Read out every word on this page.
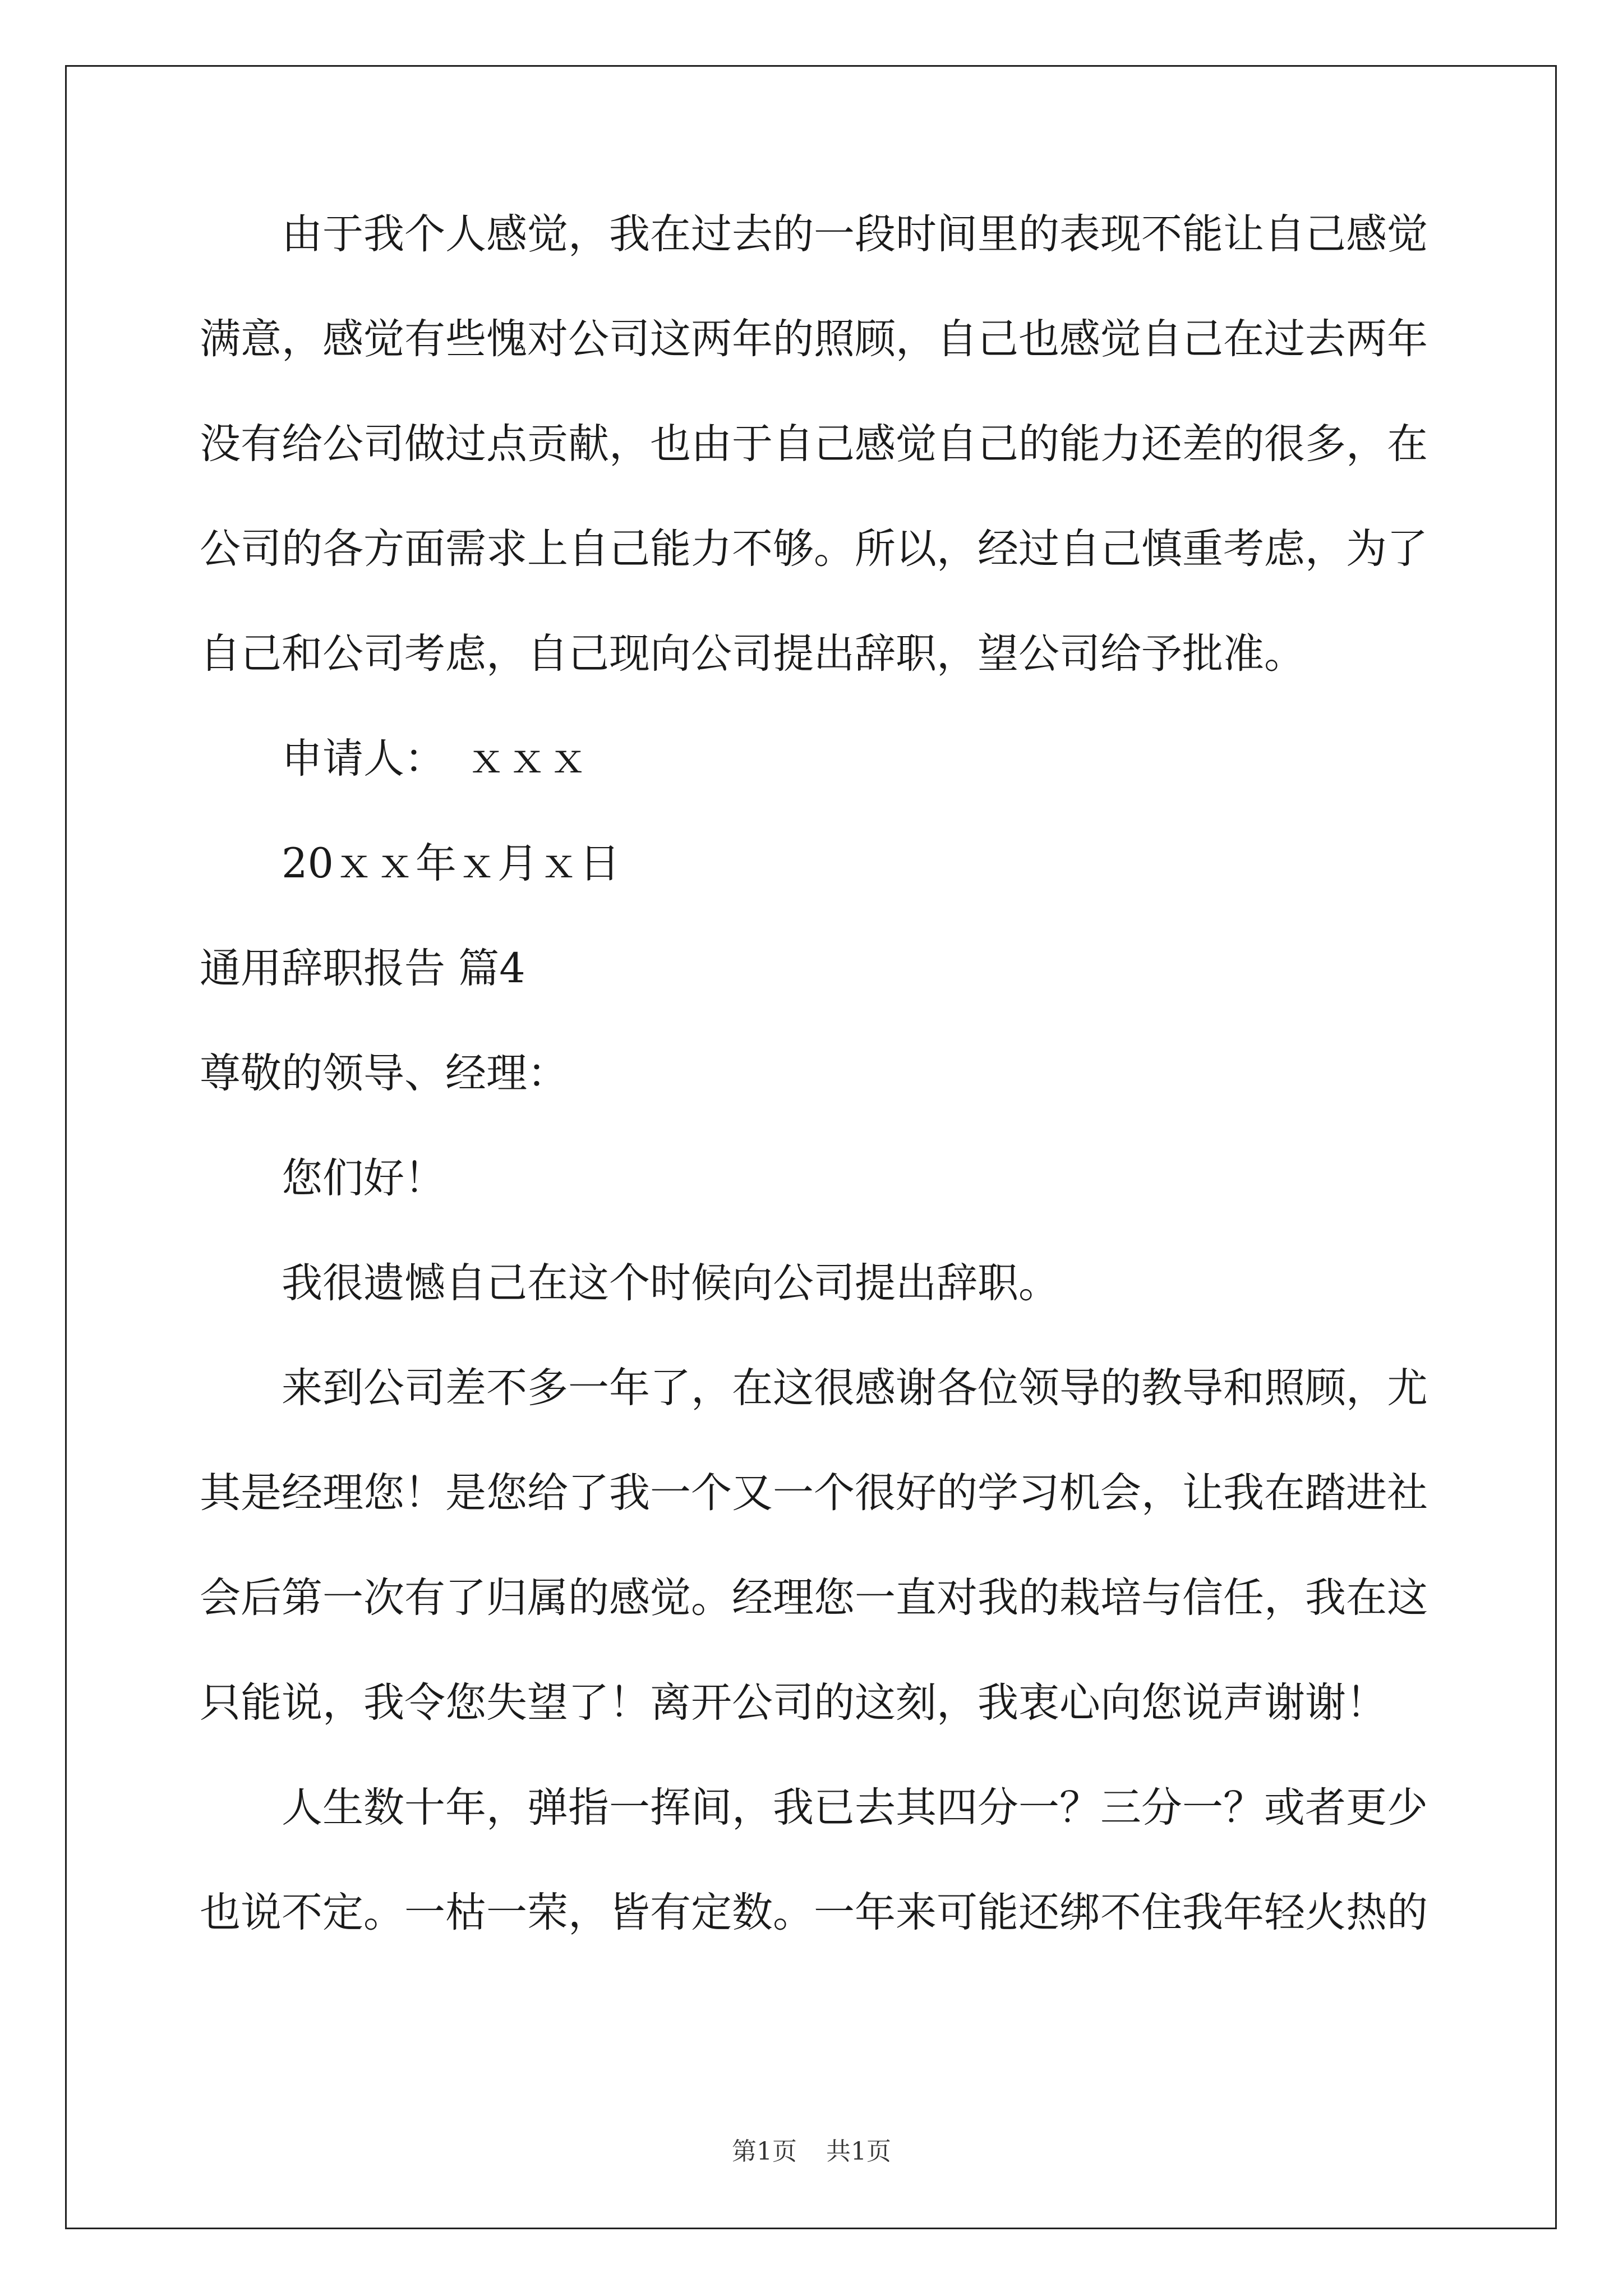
由于我个人感觉，我在过去的一段时间里的表现不能让自己感觉
满意，感觉有些愧对公司这两年的照顾，自己也感觉自己在过去两年
没有给公司做过点贡献，也由于自己感觉自己的能力还差的很多，在
公司的各方面需求上自己能力不够。所以，经过自己慎重考虑，为了
自己和公司考虑，自己现向公司提出辞职，望公司给予批准。
申请人：　ｘｘｘ
20ｘｘ年ｘ月ｘ日
通用辞职报告 篇4
尊敬的领导、经理：
您们好！
我很遗憾自己在这个时候向公司提出辞职。
来到公司差不多一年了，在这很感谢各位领导的教导和照顾，尤
其是经理您！是您给了我一个又一个很好的学习机会，让我在踏进社
会后第一次有了归属的感觉。经理您一直对我的栽培与信任，我在这
只能说，我令您失望了！离开公司的这刻，我衷心向您说声谢谢！
人生数十年，弹指一挥间，我已去其四分一？三分一？或者更少
也说不定。一枯一荣，皆有定数。一年来可能还绑不住我年轻火热的
第1页 共1页
